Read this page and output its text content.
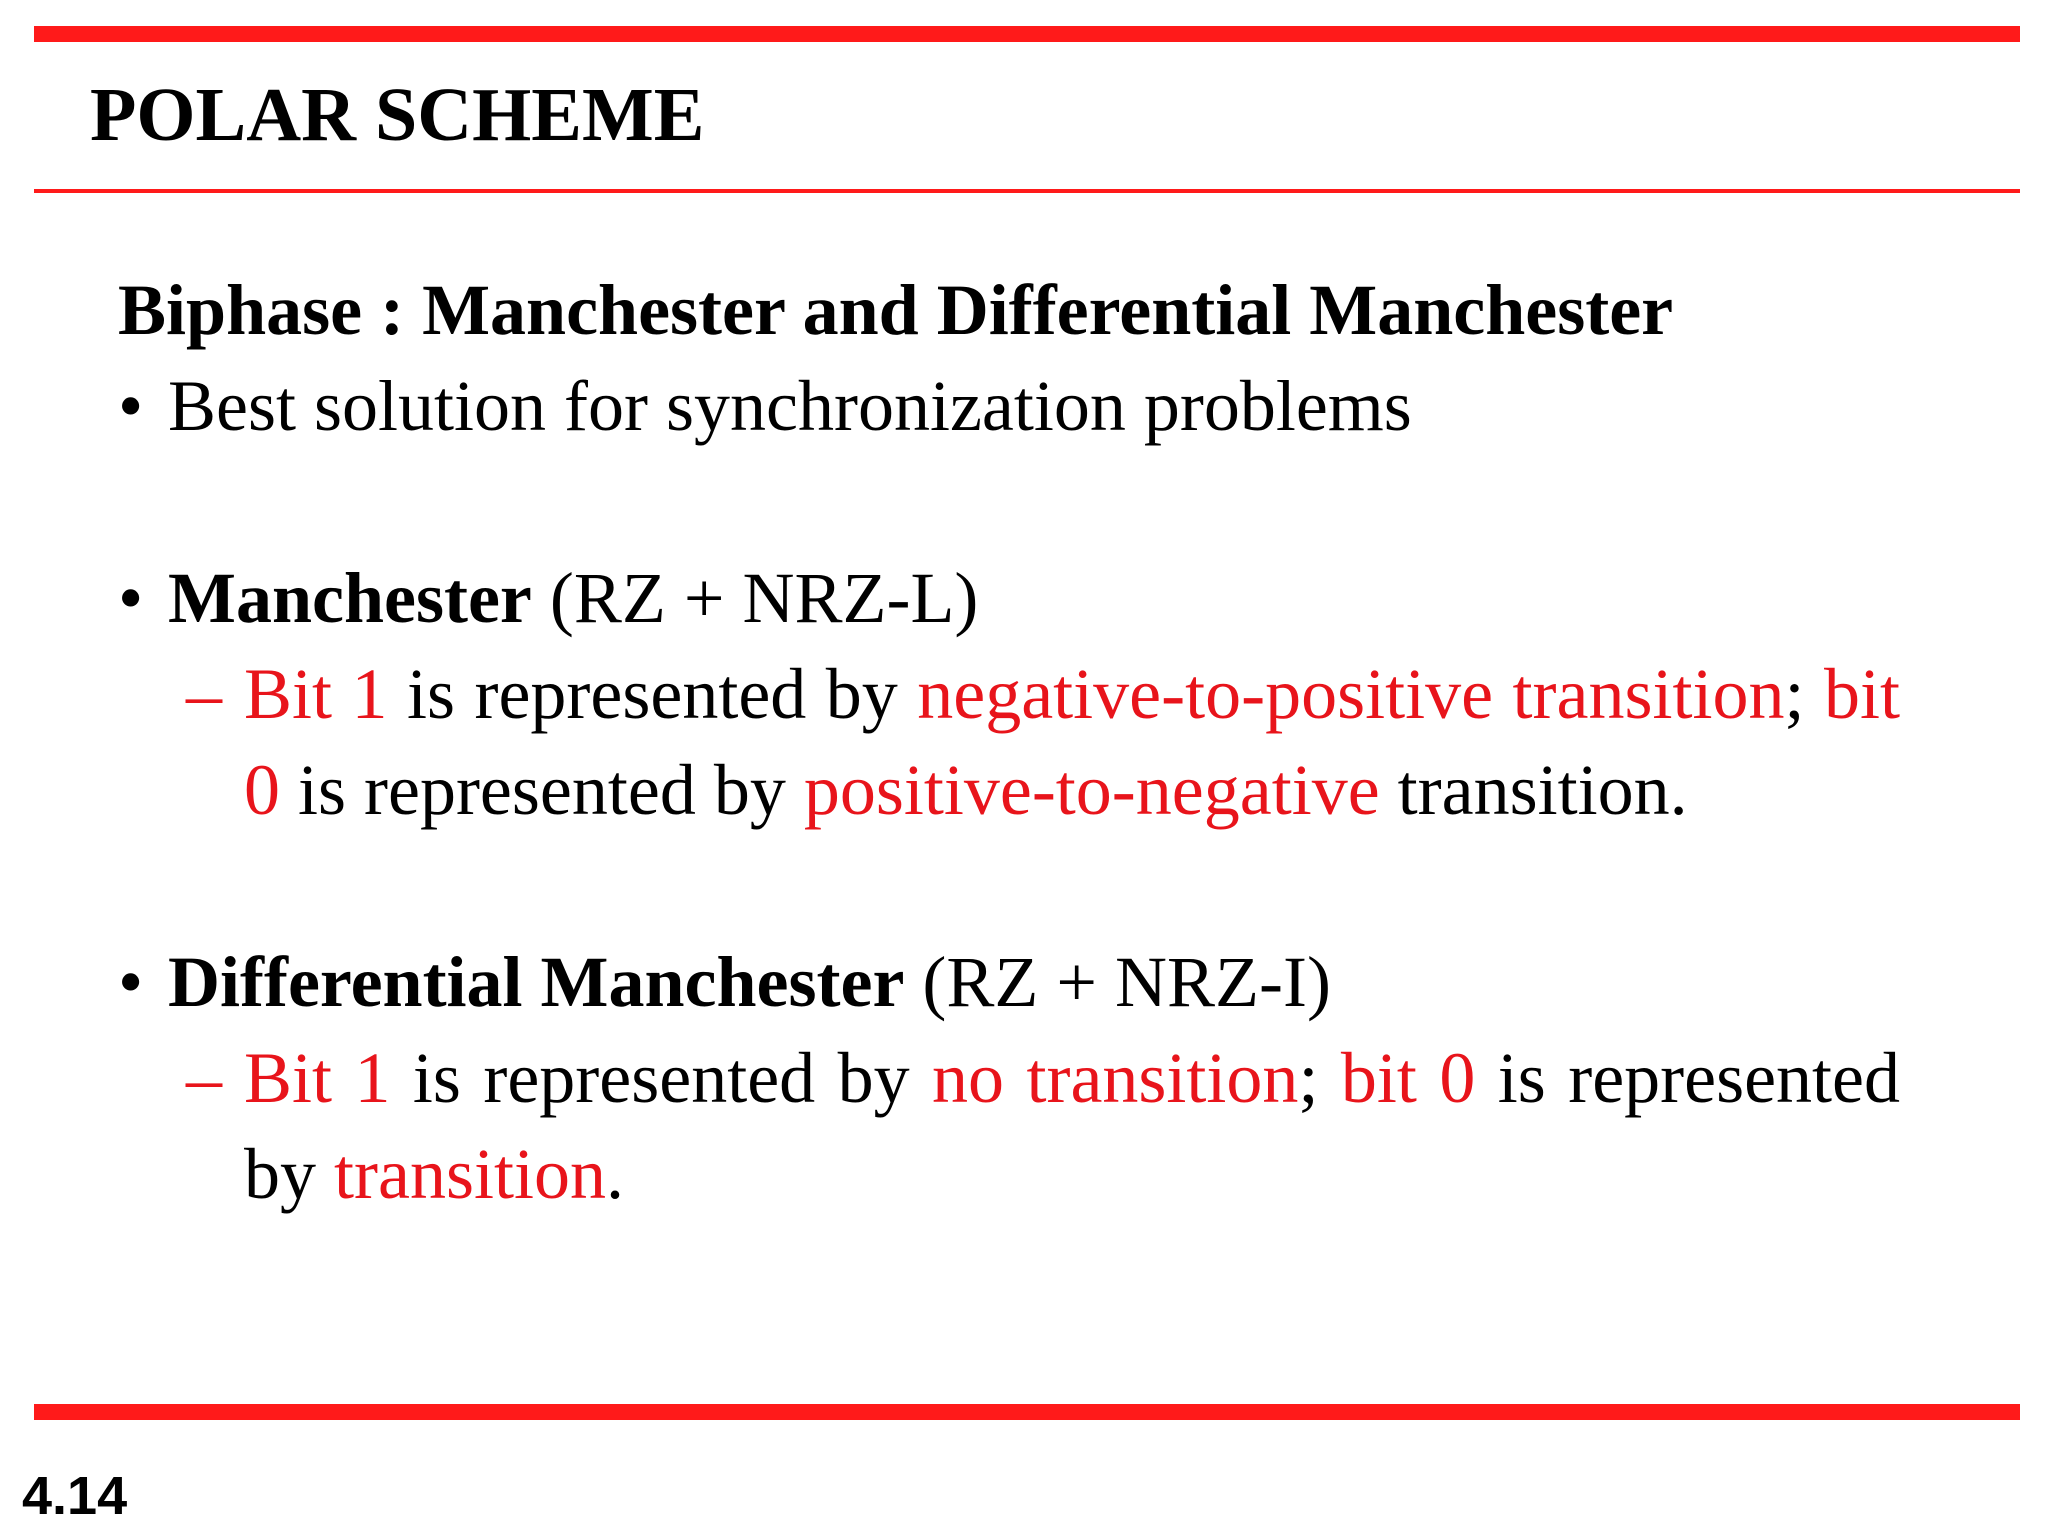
POLAR SCHEME
Biphase : Manchester and Differential Manchester
• Best solution for synchronization problems
• Manchester (RZ + NRZ-L)
– Bit 1 is represented by negative-to-positive transition; bit 0 is represented by positive-to-negative transition.
• Differential Manchester (RZ + NRZ-I)
– Bit 1 is represented by no transition; bit 0 is represented by transition.
4.14
